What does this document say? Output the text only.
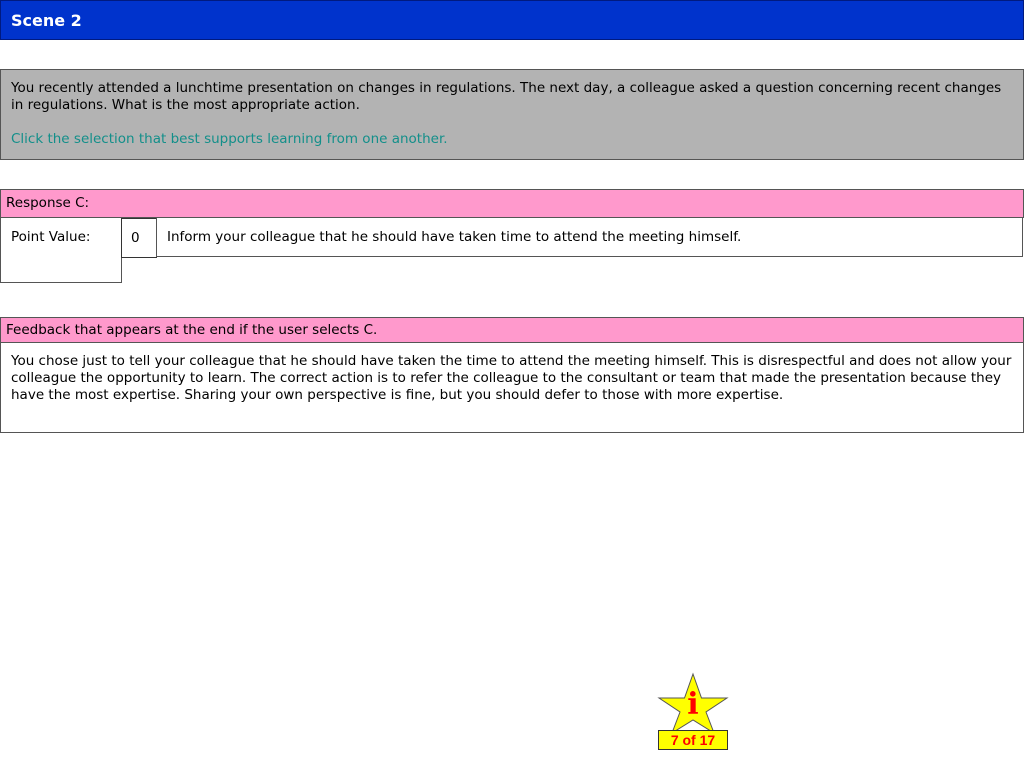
Scene 2

You recently attended a lunchtime presentation on changes in regulations. The next day, a colleague asked a question concerning recent changes in regulations. What is the most appropriate action.

Click the selection that best supports learning from one another.

Response C:
Point Value:	0	Inform your colleague that he should have taken time to attend the meeting himself.
Feedback that appears at the end if the user selects C.
You chose just to tell your colleague that he should have taken the time to attend the meeting himself. This is disrespectful and does not allow your colleague the opportunity to learn. The correct action is to refer the colleague to the consultant or team that made the presentation because they have the most expertise. Sharing your own perspective is fine, but you should defer to those with more expertise.
i
7 of 17
